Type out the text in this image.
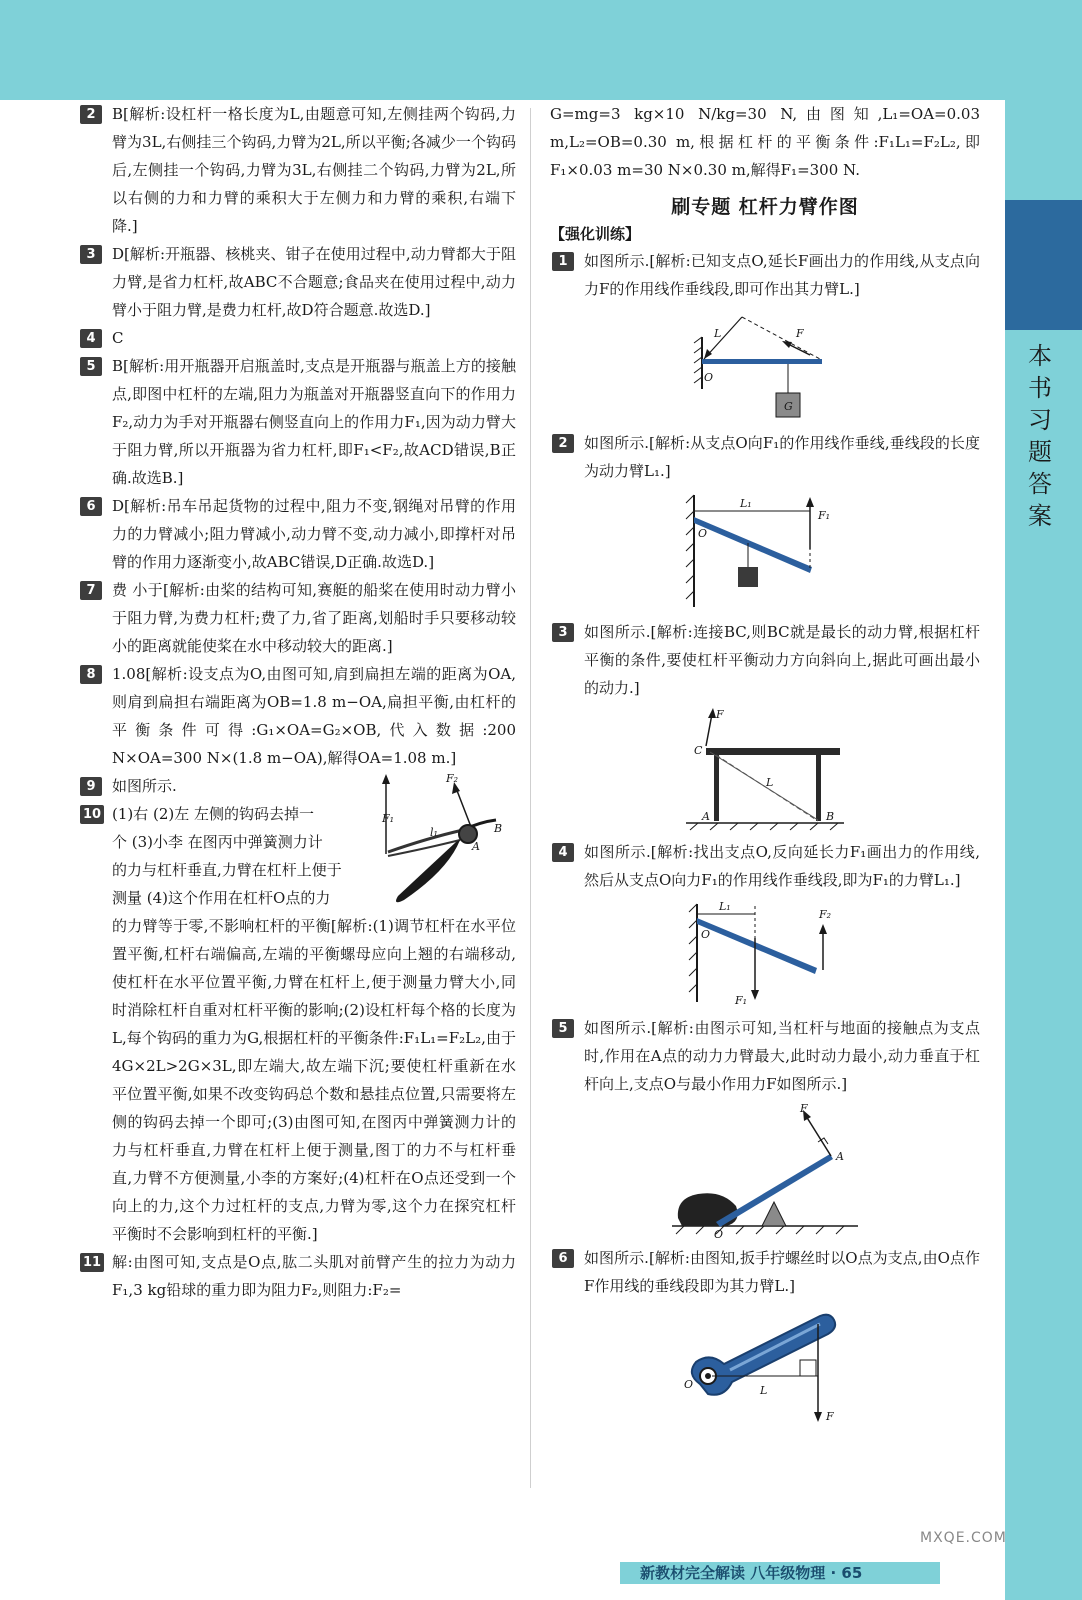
本书习题答案

2	B[解析:设杠杆一格长度为L,由题意可知,左侧挂两个钩码,力臂为3L,右侧挂三个钩码,力臂为2L,所以平衡;各减少一个钩码后,左侧挂一个钩码,力臂为3L,右侧挂二个钩码,力臂为2L,所以右侧的力和力臂的乘积大于左侧力和力臂的乘积,右端下降.]

3	D[解析:开瓶器、核桃夹、钳子在使用过程中,动力臂都大于阻力臂,是省力杠杆,故ABC不合题意;食品夹在使用过程中,动力臂小于阻力臂,是费力杠杆,故D符合题意.故选D.]

4	C

5	B[解析:用开瓶器开启瓶盖时,支点是开瓶器与瓶盖上方的接触点,即图中杠杆的左端,阻力为瓶盖对开瓶器竖直向下的作用力F₂,动力为手对开瓶器右侧竖直向上的作用力F₁,因为动力臂大于阻力臂,所以开瓶器为省力杠杆,即F₁<F₂,故ACD错误,B正确.故选B.]

6	D[解析:吊车吊起货物的过程中,阻力不变,钢绳对吊臂的作用力的力臂减小;阻力臂减小,动力臂不变,动力减小,即撑杆对吊臂的作用力逐渐变小,故ABC错误,D正确.故选D.]

7	费 小于[解析:由桨的结构可知,赛艇的船桨在使用时动力臂小于阻力臂,为费力杠杆;费了力,省了距离,划船时手只要移动较小的距离就能使桨在水中移动较大的距离.]

8	1.08[解析:设支点为O,由图可知,肩到扁担左端的距离为OA,则肩到扁担右端距离为OB=1.8 m−OA,扁担平衡,由杠杆的平衡条件可得:G₁×OA=G₂×OB,代入数据:200 N×OA=300 N×(1.8 m−OA),解得OA=1.08 m.]

9	如图所示.

F₁
F₂
l₁
A
B

10 (1)右 (2)左 左侧的钩码去掉一
个 (3)小李 在图丙中弹簧测力计
的力与杠杆垂直,力臂在杠杆上便于
测量 (4)这个作用在杠杆O点的力

的力臂等于零,不影响杠杆的平衡[解析:(1)调节杠杆在水平位置平衡,杠杆右端偏高,左端的平衡螺母应向上翘的右端移动,使杠杆在水平位置平衡,力臂在杠杆上,便于测量力臂大小,同时消除杠杆自重对杠杆平衡的影响;(2)设杠杆每个格的长度为L,每个钩码的重力为G,根据杠杆的平衡条件:F₁L₁=F₂L₂,由于4G×2L>2G×3L,即左端大,故左端下沉;要使杠杆重新在水平位置平衡,如果不改变钩码总个数和悬挂点位置,只需要将左侧的钩码去掉一个即可;(3)由图可知,在图丙中弹簧测力计的力与杠杆垂直,力臂在杠杆上便于测量,图丁的力不与杠杆垂直,力臂不方便测量,小李的方案好;(4)杠杆在O点还受到一个向上的力,这个力过杠杆的支点,力臂为零,这个力在探究杠杆平衡时不会影响到杠杆的平衡.]

11 解:由图可知,支点是O点,肱二头肌对前臂产生的拉力为动力F₁,3 kg铅球的重力即为阻力F₂,则阻力:F₂=

G=mg=3 kg×10 N/kg=30 N,由图知,L₁=OA=0.03 m,L₂=OB=0.30 m,根据杠杆的平衡条件:F₁L₁=F₂L₂,即F₁×0.03 m=30 N×0.30 m,解得F₁=300 N.

刷专题 杠杆力臂作图
【强化训练】

1	如图所示.[解析:已知支点O,延长F画出力的作用线,从支点向力F的作用线作垂线段,即可作出其力臂L.]

L	F
O
G

2	如图所示.[解析:从支点O向F₁的作用线作垂线,垂线段的长度为动力臂L₁.]

L₁
F₁
O

3	如图所示.[解析:连接BC,则BC就是最长的动力臂,根据杠杆平衡的条件,要使杠杆平衡动力方向斜向上,据此可画出最小的动力.]

F
L
C
A	B

4	如图所示.[解析:找出支点O,反向延长力F₁画出力的作用线,然后从支点O向力F₁的作用线作垂线段,即为F₁的力臂L₁.]

L₁
F₁
F₂
O

5	如图所示.[解析:由图示可知,当杠杆与地面的接触点为支点时,作用在A点的动力力臂最大,此时动力最小,动力垂直于杠杆向上,支点O与最小作用力F如图所示.]

F
A
O

6	如图所示.[解析:由图知,扳手拧螺丝时以O点为支点,由O点作F作用线的垂线段即为其力臂L.]

O	L
F
新教材完全解读 八年级物理 · 65
MXQE.COM
